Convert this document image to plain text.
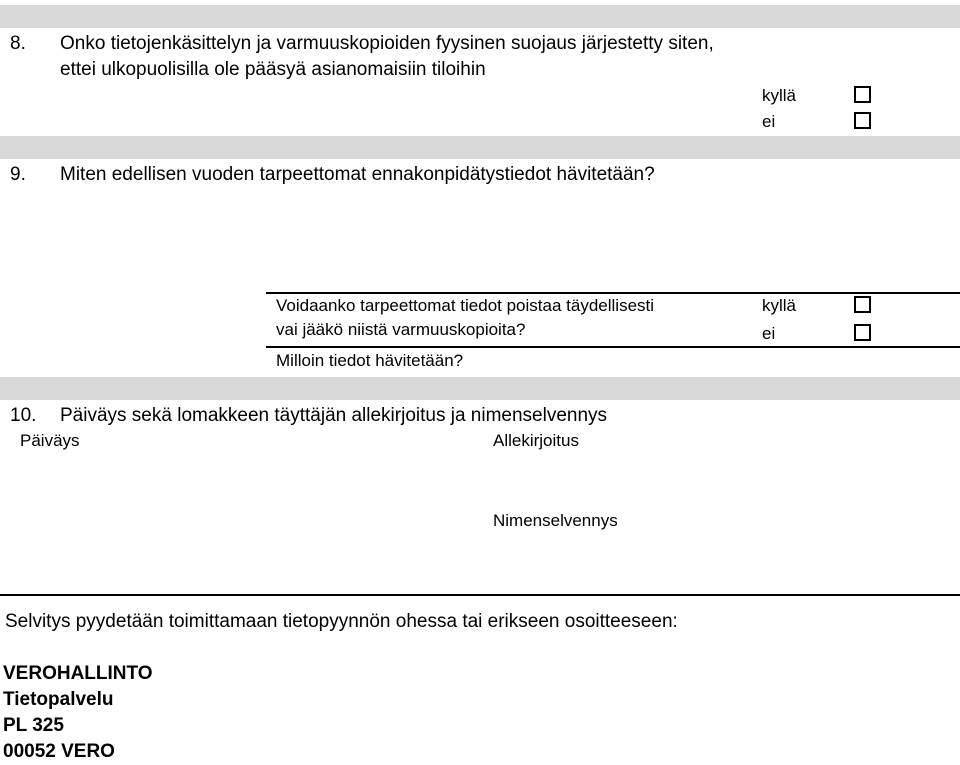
8. Onko tietojenkäsittelyn ja varmuuskopioiden fyysinen suojaus järjestetty siten,
ettei ulkopuolisilla ole pääsyä asianomaisiin tiloihin
kyllä
ei
9. Miten edellisen vuoden tarpeettomat ennakonpidätystiedot hävitetään?
Voidaanko tarpeettomat tiedot poistaa täydellisesti
vai jääkö niistä varmuuskopioita?
kyllä
ei
Milloin tiedot hävitetään?
10. Päiväys sekä lomakkeen täyttäjän allekirjoitus ja nimenselvennys
Päiväys	Allekirjoitus
Nimenselvennys
Selvitys pyydetään toimittamaan tietopyynnön ohessa tai erikseen osoitteeseen:
VEROHALLINTO
Tietopalvelu
PL 325
00052 VERO
